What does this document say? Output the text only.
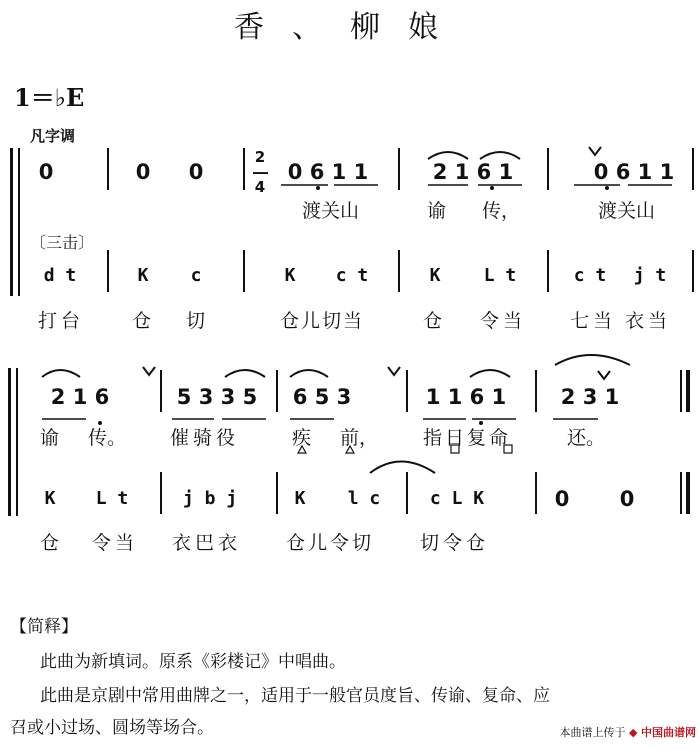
香、柳娘
1＝♭E
凡字调
0	0 0
2
―
4
0 6 1 1	2 1 6 1	0 6 1 1
渡关山	谕 传，	渡关山
〔三击〕
d t	K c	K c t	K L t	c t j t
打台	仓 切	仓儿切当	仓 令当 七当 衣当
2 1 6	5 3 3 5 6 5 3	1 1 6 1	2 3 1
谕 传。 催骑役	疾 前， 指日复命	还。
K L t	j b j	K l c	c L K	0 0
仓 令当 衣巴衣 仓儿令切 切令仓
【简释】
此曲为新填词。原系《彩楼记》中唱曲。
此曲是京剧中常用曲牌之一，适用于一般官员度旨、传谕、复命、应
召或小过场、圆场等场合。	本曲谱上传于 ◆ 中国曲谱网
